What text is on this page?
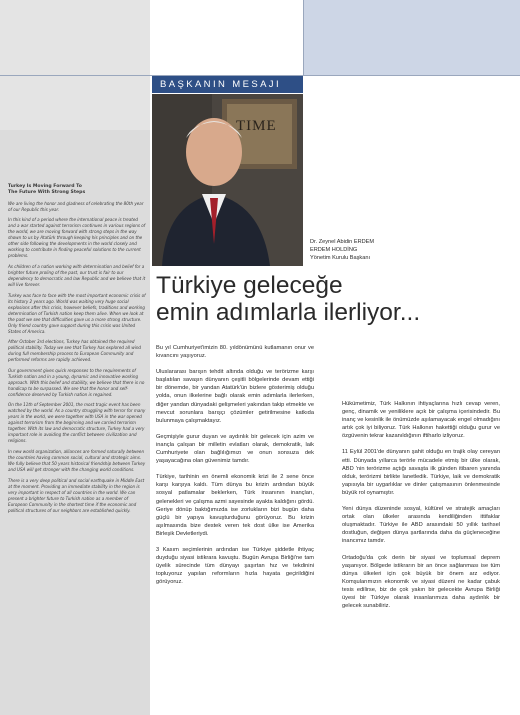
BAŞKANIN MESAJI
TIME
Turkey Is Moving Forward To
The Future With Strong Steps

We are living the honor and gladness of celebrating the 80th year of our Republic this year.

In this kind of a period where the international peace is treated and a war started against terrorism continues in various regions of the world, we are moving forward with strong steps in the way shown to us by Atatürk through keeping his principles and on the other side following the developments in the world closely and working to contribute in finding peaceful solutions to the current problems.

As children of a nation working with determination and belief for a brighter future proling of the past, our trust is fair to our dependency to democratic and law Republic and we believe that it will live forever.

Turkey was face to face with the most important economic crisis of its history 2 years ago. World was waiting very huge social explosions after this crisis, however beliefs, traditions and working determination of Turkish nation keep them alive. When we look at the past we see that difficulties gave us a more strong structure. Only friend country gave support during this crisis was United States of America.

After October 3rd elections, Turkey has obtained the required political stability. Today we see that Turkey has explored all wind during full membership process to European Community and performed reforms are rapidly achieved.

Our government gives quick responses to the requirements of Turkish nation and in a young, dynamic and innovative working approach. With this belief and stability, we believe that there is no handicap to be surpassed. We see that the honor and self-confidence deserved by Turkish nation is regained.

On the 11th of September 2001, the most tragic event has been watched by the world. As a country struggling with terror for many years in the world, we were together with USA in the war opened against terrorism from the beginning and we carried terrorism together. With its law and democratic structure, Turkey had a very important role in avoiding the conflict between civilization and religions.

In new world organization, alliances are formed naturally between the countries having common social, cultural and strategic aims. We fully believe that 50 years historical friendship between Turkey and USA will get stronger with the changing world conditions.

There is a very deep political and social earthquake in Middle East at the moment. Providing an immediate stability in the region is very important in respect of all countries in the world. We can present a brighter future to Turkish nation as a member of European Community in the shortest time if the economic and political structures of our neighbors are established quickly.

Dr. Zeynel Abidin ERDEM
ERDEM HOLDİNG
Yönetim Kurulu Başkanı
Türkiye geleceğe
emin adımlarla ilerliyor...

Bu yıl Cumhuriyet'imizin 80. yıldönümünü kutlamanın onur ve kıvancını yaşıyoruz.

Uluslararası barışın tehdit altında olduğu ve terörizme karşı başlatılan savaşın dünyanın çeşitli bölgelerinde devam ettiği bir dönemde, bir yandan Atatürk'ün bizlere gösterimiş olduğu yolda, onun ilkelerine bağlı olarak emin adımlarla ilerlerken, diğer yandan dünyadaki gelişmeleri yakından takip etmekte ve mevcut sorunlara barışçı çözümler getirilmesine katkıda bulunmaya çalışmaktayız.

Geçmişiyle gurur duyan ve aydınlık bir gelecek için azim ve inançla çalışan bir milletin evlatları olarak, demokratik, laik Cumhuriyete olan bağlılığımızı ve onun sonsuza dek yaşayacağına olan güvenimiz tamdır.

Türkiye, tarihinin en önemli ekonomik krizi ile 2 sene önce karşı karşıya kaldı. Tüm dünya bu krizin ardından büyük sosyal patlamalar beklerken, Türk insanının inançları, gelenekleri ve çalışma azmi sayesinde ayakta kaldığını gördü. Geriye dönüp baktığımızda ise zorlukların bizi bugün daha güçlü bir yapıya kavuşturduğunu görüyoruz. Bu krizin aşılmasında bize destek veren tek dost ülke ise Amerika Birleşik Devletleriydi.

3 Kasım seçimlerinin ardından ise Türkiye şiddetle ihtiyaç duyduğu siyasi istikrara kavuştu. Bugün Avrupa Birliği'ne tam üyelik sürecinde tüm dünyayı şaşırtan hız ve tekdinini topluyoruz yapılan reformların hızla hayata geçirildiğini görüyoruz.

Hükümetimiz, Türk Halkının ihtiyaçlarına hızlı cevap veren, genç, dinamik ve yeniliklere açık bir çalışma içerisindedir. Bu inanç ve kesinlik ile önümüzde aşılamayacak engel olmadığını artık çok iyi biliyoruz. Türk Halkının hakettiği olduğu gurur ve özgüvenin tekrar kazanıldığının iftiharlo izliyoruz.

11 Eylül 2001'de dünyanın şahit olduğu en trajik olay cereyan etti. Dünyada yıllarca terörle mücadele etmiş bir ülke olarak, ABD 'nin terörizme açtığı savaşta ilk günden itibaren yanında olduk, terörizmi birlikte lanetledik. Türkiye, laik ve demokratik yapısıyla bir uygarlıklar ve dinler çatışmasının önlenmesinde büyük rol oynamıştır.

Yeni dünya düzeninde sosyal, kültürel ve stratejik amaçları ortak olan ülkeler arasında kendiliğinden ittifaklar oluşmaktadır. Türkiye ile ABD arasındaki 50 yıllık tarihsel dostluğun, değişen dünya şartlarında daha da güçleneceğine inancımız tamdır.

Ortadoğu'da çok derin bir siyasi ve toplumsal deprem yaşanıyor. Bölgede istikrarın bir an önce sağlanması ise tüm dünya ülkeleri için çok büyük bir önem arz ediyor. Komşularımızın ekonomik ve siyasi düzeni ne kadar çabuk tesis edilirse, biz de çok yakın bir gelecekte Avrupa Birliği üyesi bir Türkiye olarak insanlarımıza daha aydınlık bir gelecek sunabiliriz.
